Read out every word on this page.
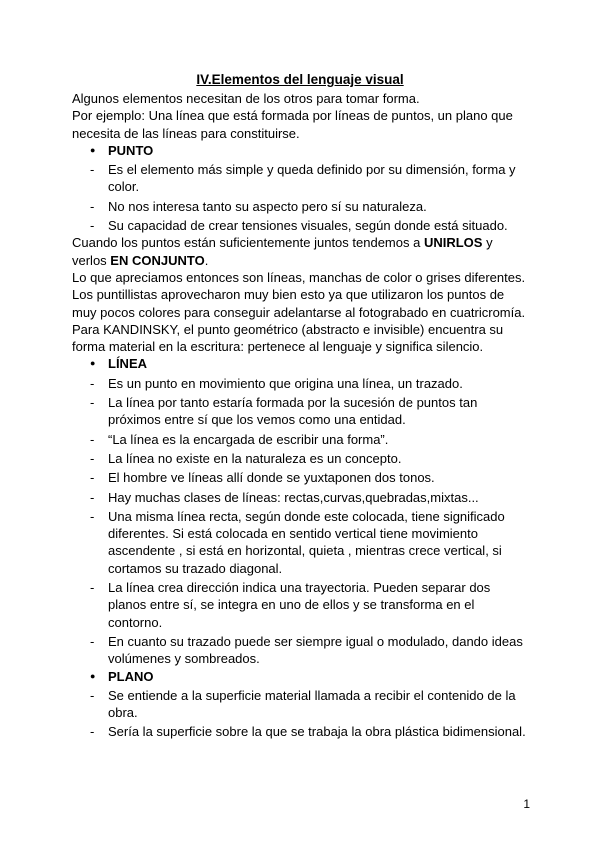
IV.Elementos del lenguaje visual

Algunos elementos necesitan de los otros para tomar forma.

Por ejemplo: Una línea que está formada por líneas de puntos, un plano que necesita de las líneas para constituirse.

● PUNTO
-	Es el elemento más simple y queda definido por su dimensión, forma y color.
-	No nos interesa tanto su aspecto pero sí su naturaleza.
-	Su capacidad de crear tensiones visuales, según donde está situado.

Cuando los puntos están suficientemente juntos tendemos a UNIRLOS y verlos EN CONJUNTO.

Lo que apreciamos entonces son líneas, manchas de color o grises diferentes.

Los puntillistas aprovecharon muy bien esto ya que utilizaron los puntos de muy pocos colores para conseguir adelantarse al fotograbado en cuatricromía.

Para KANDINSKY, el punto geométrico (abstracto e invisible) encuentra su forma material en la escritura: pertenece al lenguaje y significa silencio.

● LÍNEA
-	Es un punto en movimiento que origina una línea, un trazado.
-	La línea por tanto estaría formada por la sucesión de puntos tan próximos entre sí que los vemos como una entidad.
-	“La línea es la encargada de escribir una forma”.
-	La línea no existe en la naturaleza es un concepto.
-	El hombre ve líneas allí donde se yuxtaponen dos tonos.
-	Hay muchas clases de líneas: rectas,curvas,quebradas,mixtas...
-	Una misma línea recta, según donde este colocada, tiene significado diferentes. Si está colocada en sentido vertical tiene movimiento ascendente , si está en horizontal, quieta , mientras crece vertical, si cortamos su trazado diagonal.
-	La línea crea dirección indica una trayectoria. Pueden separar dos planos entre sí, se integra en uno de ellos y se transforma en el contorno.
-	En cuanto su trazado puede ser siempre igual o modulado, dando ideas volúmenes y sombreados.
● PLANO
-	Se entiende a la superficie material llamada a recibir el contenido de la obra.
-	Sería la superficie sobre la que se trabaja la obra plástica bidimensional.
1
